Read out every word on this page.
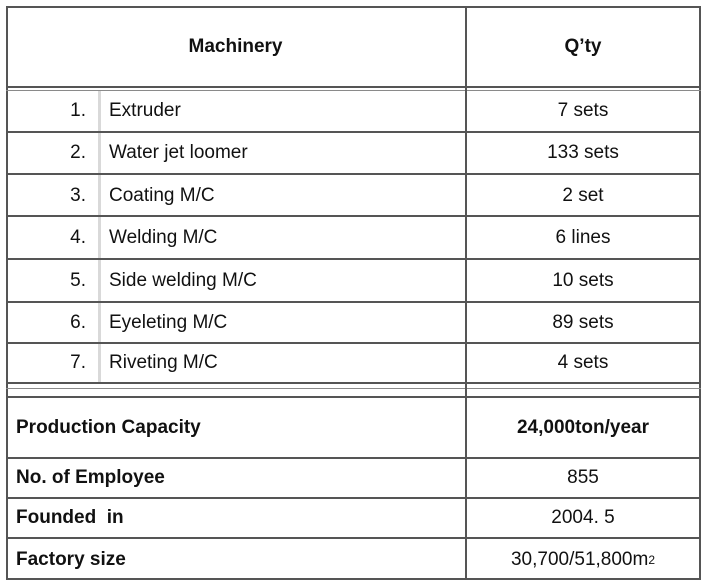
Machinery	Q’ty
1.	Extruder	7 sets
2.	Water jet loomer	133 sets
3.	Coating M/C	2 set
4.	Welding M/C	6 lines
5.	Side welding M/C	10 sets
6.	Eyeleting M/C	89 sets
7.	Riveting M/C	4 sets
Production Capacity	24,000ton/year
No. of Employee	855
Founded  in	2004. 5
Factory size	30,700/51,800m 2
